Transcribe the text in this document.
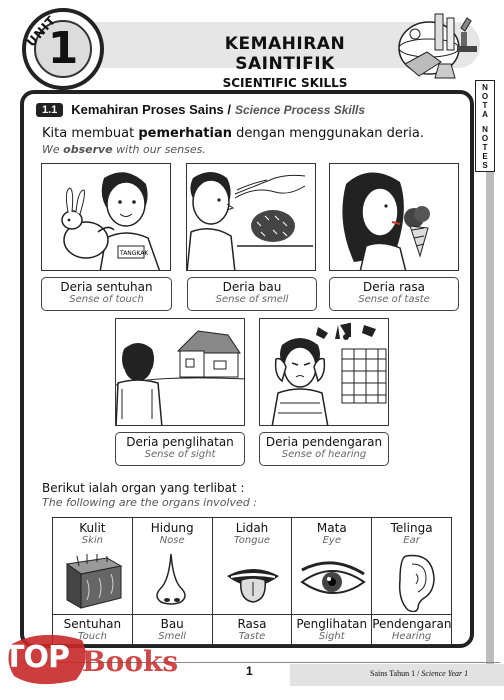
KEMAHIRAN SAINTIFIK
SCIENTIFIC SKILLS
1
UNIT
N
O
T
A
N
O
T
E
S
1.1	Kemahiran Proses Sains / Science Process Skills
Kita membuat pemerhatian dengan menggunakan deria.
We observe with our senses.
TANGKAK
Deria sentuhan
Sense of touch
Deria bau
Sense of smell
Deria rasa
Sense of taste
Deria penglihatan
Sense of sight
Deria pendengaran
Sense of hearing
Berikut ialah organ yang terlibat :
The following are the organs involved :
Kulit
Skin
Sentuhan
Touch
Hidung
Nose
Bau
Smell
Lidah
Tongue
Rasa
Taste
Mata
Eye
Penglihatan
Sight
Telinga
Ear
Pendengaran
Hearing
1	Sains Tahun 1 / Science Year 1
TOP Books
